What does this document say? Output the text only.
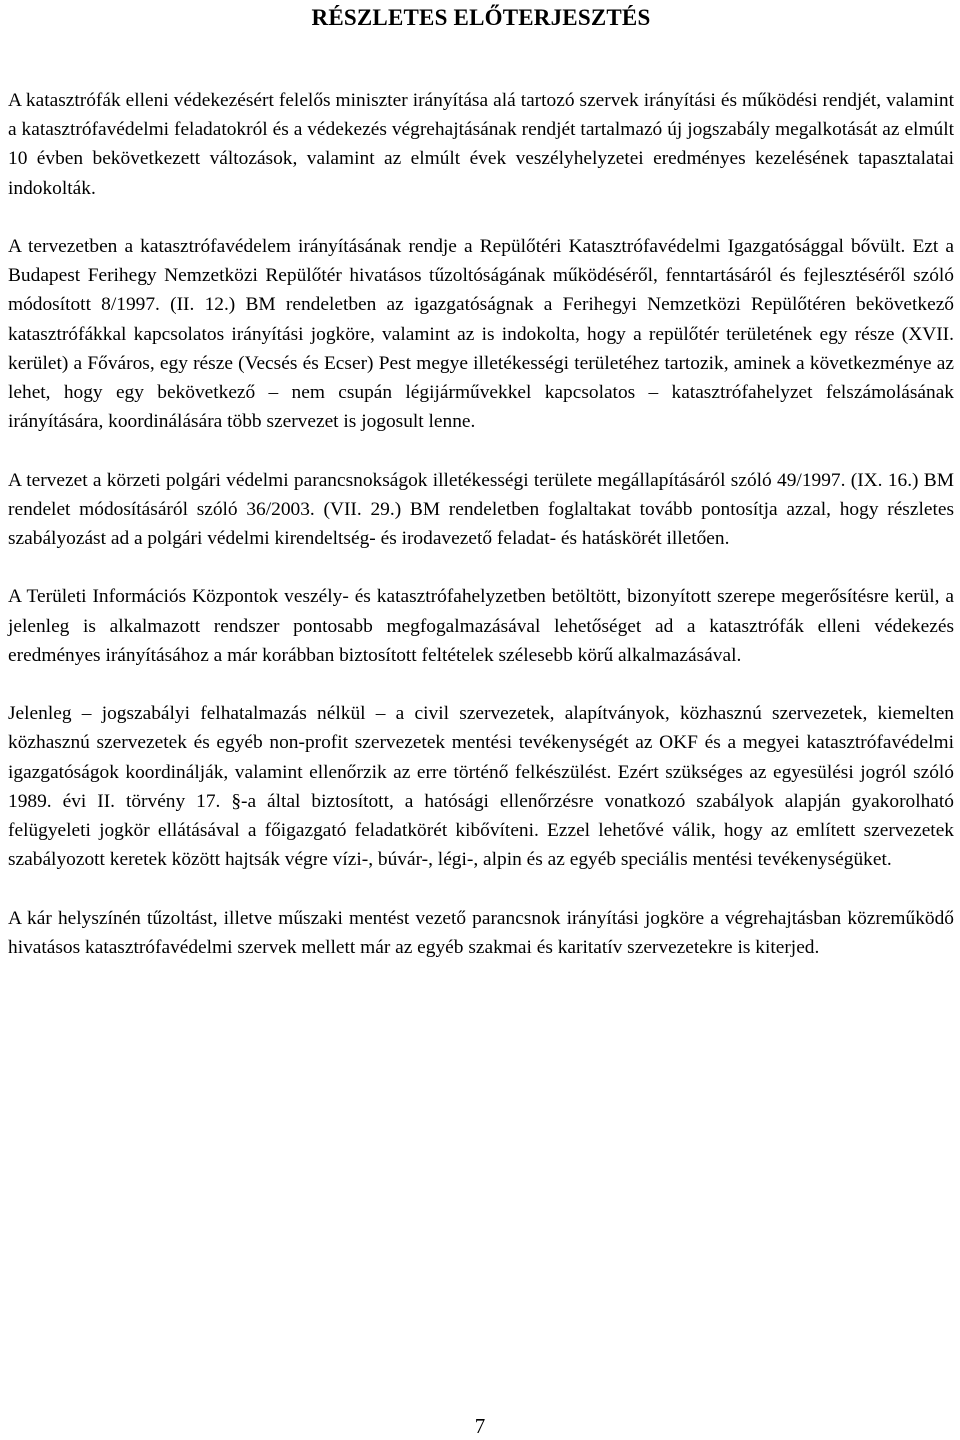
RÉSZLETES ELŐTERJESZTÉS

A katasztrófák elleni védekezésért felelős miniszter irányítása alá tartozó szervek irányítási és működési rendjét, valamint a katasztrófavédelmi feladatokról és a védekezés végrehajtásának rendjét tartalmazó új jogszabály megalkotását az elmúlt 10 évben bekövetkezett változások, valamint az elmúlt évek veszélyhelyzetei eredményes kezelésének tapasztalatai indokolták.

A tervezetben a katasztrófavédelem irányításának rendje a Repülőtéri Katasztrófavédelmi Igazgatósággal bővült. Ezt a Budapest Ferihegy Nemzetközi Repülőtér hivatásos tűzoltóságának működéséről, fenntartásáról és fejlesztéséről szóló módosított 8/1997. (II. 12.) BM rendeletben az igazgatóságnak a Ferihegyi Nemzetközi Repülőtéren bekövetkező katasztrófákkal kapcsolatos irányítási jogköre, valamint az is indokolta, hogy a repülőtér területének egy része (XVII. kerület) a Főváros, egy része (Vecsés és Ecser) Pest megye illetékességi területéhez tartozik, aminek a következménye az lehet, hogy egy bekövetkező – nem csupán légijárművekkel kapcsolatos – katasztrófahelyzet felszámolásának irányítására, koordinálására több szervezet is jogosult lenne.

A tervezet a körzeti polgári védelmi parancsnokságok illetékességi területe megállapításáról szóló 49/1997. (IX. 16.) BM rendelet módosításáról szóló 36/2003. (VII. 29.) BM rendeletben foglaltakat tovább pontosítja azzal, hogy részletes szabályozást ad a polgári védelmi kirendeltség- és irodavezető feladat- és hatáskörét illetően.

A Területi Információs Központok veszély- és katasztrófahelyzetben betöltött, bizonyított szerepe megerősítésre kerül, a jelenleg is alkalmazott rendszer pontosabb megfogalmazásával lehetőséget ad a katasztrófák elleni védekezés eredményes irányításához a már korábban biztosított feltételek szélesebb körű alkalmazásával.

Jelenleg – jogszabályi felhatalmazás nélkül – a civil szervezetek, alapítványok, közhasznú szervezetek, kiemelten közhasznú szervezetek és egyéb non-profit szervezetek mentési tevékenységét az OKF és a megyei katasztrófavédelmi igazgatóságok koordinálják, valamint ellenőrzik az erre történő felkészülést. Ezért szükséges az egyesülési jogról szóló 1989. évi II. törvény 17. §-a által biztosított, a hatósági ellenőrzésre vonatkozó szabályok alapján gyakorolható felügyeleti jogkör ellátásával a főigazgató feladatkörét kibővíteni. Ezzel lehetővé válik, hogy az említett szervezetek szabályozott keretek között hajtsák végre vízi-, búvár-, légi-, alpin és az egyéb speciális mentési tevékenységüket.

A kár helyszínén tűzoltást, illetve műszaki mentést vezető parancsnok irányítási jogköre a végrehajtásban közreműködő hivatásos katasztrófavédelmi szervek mellett már az egyéb szakmai és karitatív szervezetekre is kiterjed.

7
